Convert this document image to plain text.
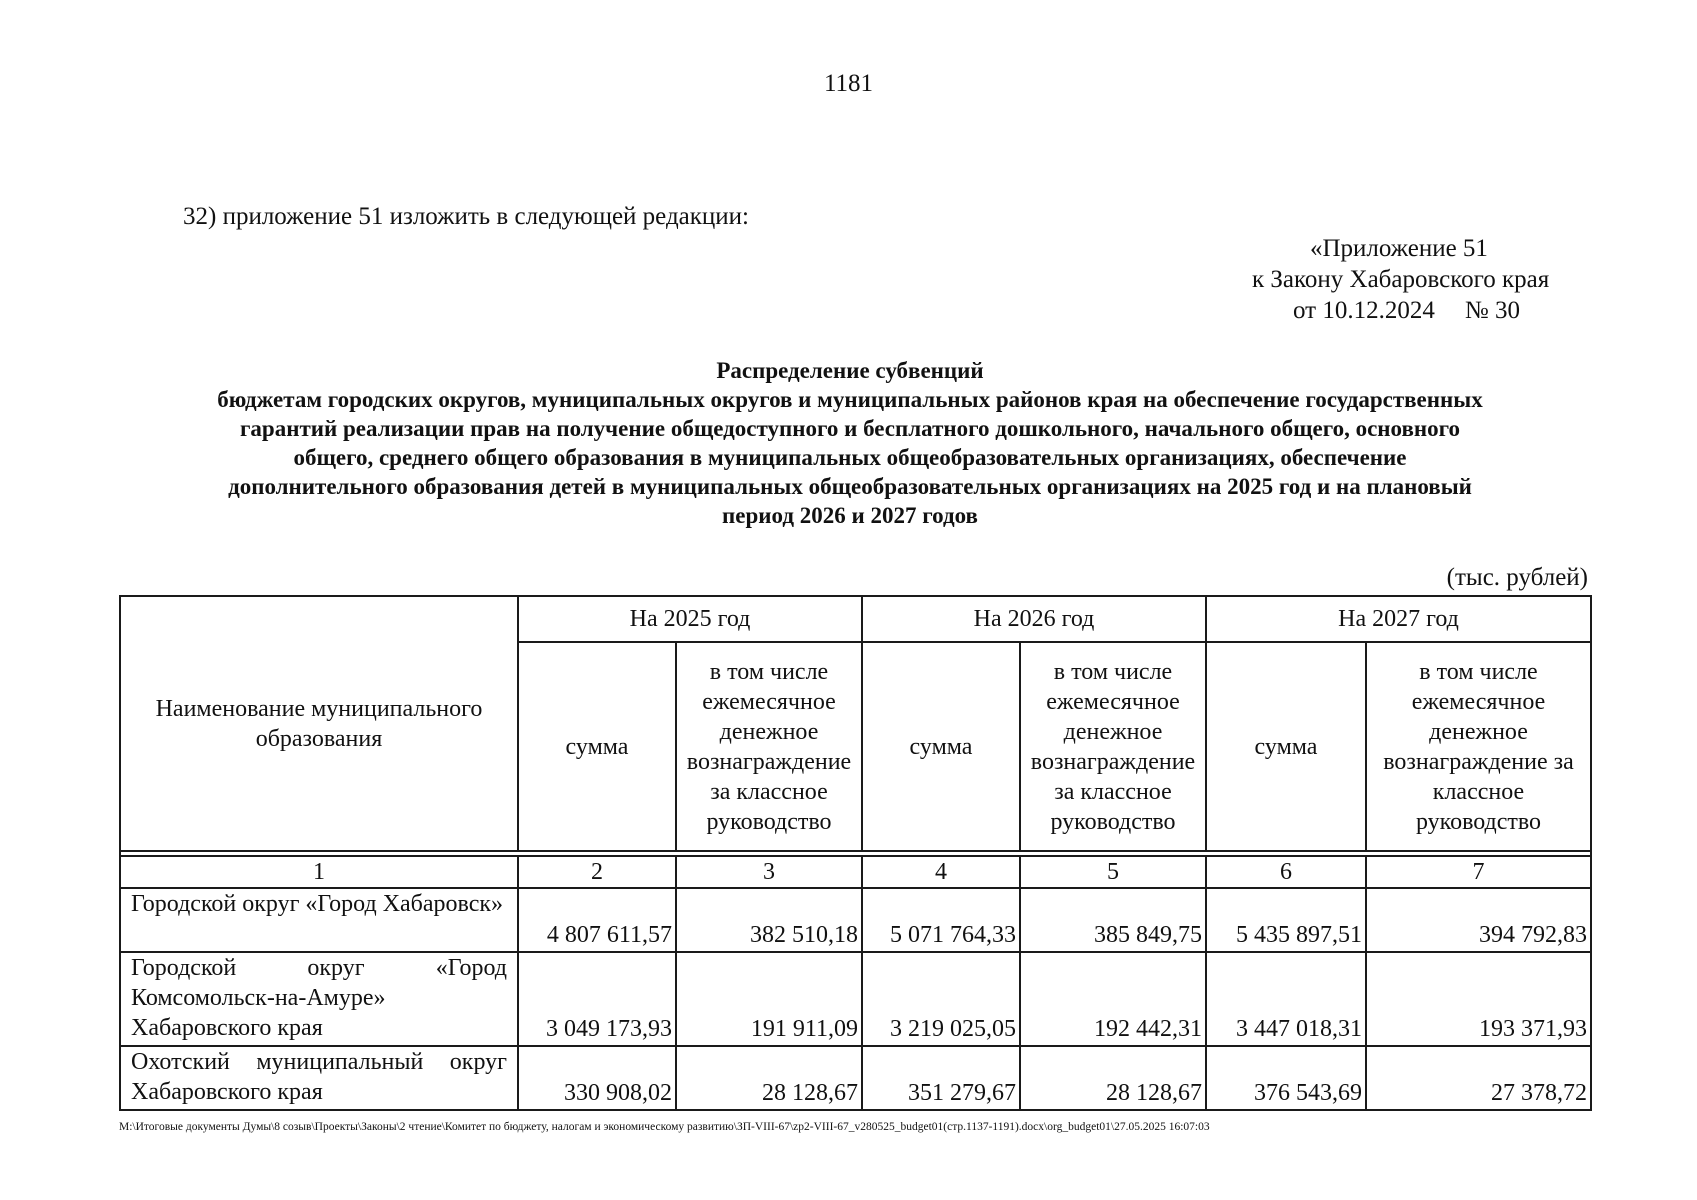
1181
32) приложение 51 изложить в следующей редакции:
«Приложение 51
к Закону Хабаровского края
от 10.12.2024 № 30
Распределение субвенций
бюджетам городских округов, муниципальных округов и муниципальных районов края на обеспечение государственных
гарантий реализации прав на получение общедоступного и бесплатного дошкольного, начального общего, основного
общего, среднего общего образования в муниципальных общеобразовательных организациях, обеспечение
дополнительного образования детей в муниципальных общеобразовательных организациях на 2025 год и на плановый
период 2026 и 2027 годов
(тыс. рублей)
Наименование муниципального образования	На 2025 год		На 2026 год		На 2027 год	
	сумма	в том числе ежемесячное денежное вознаграждение за классное руководство	сумма	в том числе ежемесячное денежное вознаграждение за классное руководство	сумма	в том числе ежемесячное денежное вознаграждение за классное руководство

1	2	3	4	5	6	7
Городской округ «Город Хабаровск»	4 807 611,57	382 510,18	5 071 764,33	385 849,75	5 435 897,51	394 792,83
Городской округ «Город Комсомольск-на-Амуре» Хабаровского края	3 049 173,93	191 911,09	3 219 025,05	192 442,31	3 447 018,31	193 371,93
Охотский муниципальный округ Хабаровского края	330 908,02	28 128,67	351 279,67	28 128,67	376 543,69	27 378,72
М:\Итоговые документы Думы\8 созыв\Проекты\Законы\2 чтение\Комитет по бюджету, налогам и экономическому развитию\ЗП-VIII-67\zp2-VIII-67_v280525_budget01(стр.1137-1191).docx\org_budget01\27.05.2025 16:07:03
